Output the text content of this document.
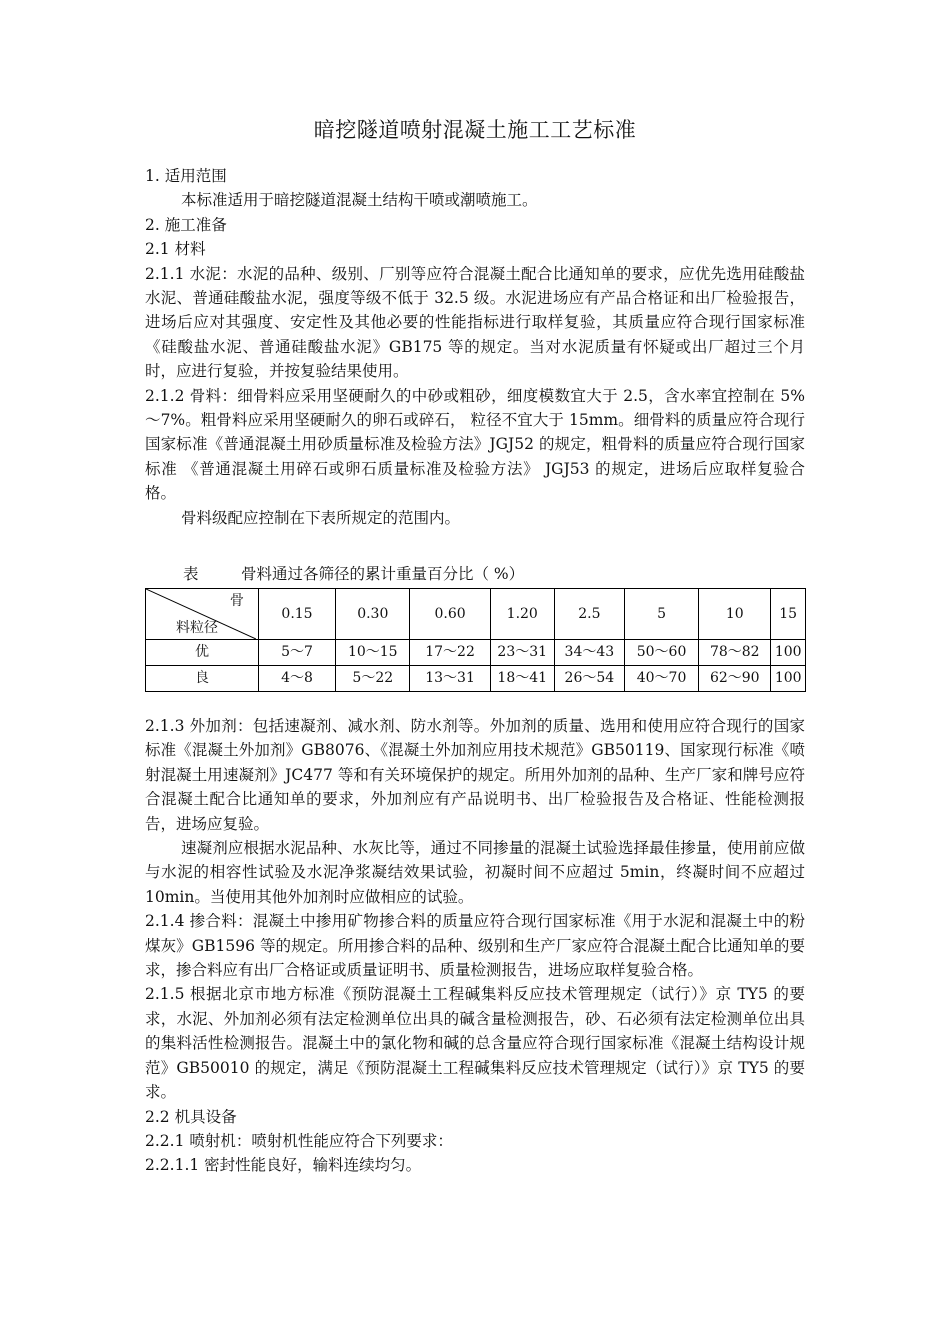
暗挖隧道喷射混凝土施工工艺标准

1. 适用范围

本标准适用于暗挖隧道混凝土结构干喷或潮喷施工。

2. 施工准备

2.1 材料

2.1.1 水泥：水泥的品种、级别、厂别等应符合混凝土配合比通知单的要求，应优先选用硅酸盐水泥、普通硅酸盐水泥，强度等级不低于 32.5 级。水泥进场应有产品合格证和出厂检验报告，进场后应对其强度、安定性及其他必要的性能指标进行取样复验，其质量应符合现行国家标准《硅酸盐水泥、普通硅酸盐水泥》GB175 等的规定。当对水泥质量有怀疑或出厂超过三个月时，应进行复验，并按复验结果使用。

2.1.2 骨料：细骨料应采用坚硬耐久的中砂或粗砂，细度模数宜大于 2.5，含水率宜控制在 5%～7%。粗骨料应采用坚硬耐久的卵石或碎石， 粒径不宜大于 15mm。细骨料的质量应符合现行国家标准《普通混凝土用砂质量标准及检验方法》JGJ52 的规定，粗骨料的质量应符合现行国家标准 《普通混凝土用碎石或卵石质量标准及检验方法》 JGJ53 的规定，进场后应取样复验合格。

骨料级配应控制在下表所规定的范围内。

表	骨料通过各筛径的累计重量百分比（ %）
骨
料粒径	0.15	0.30	0.60	1.20	2.5	5	10	15
优	5～7	10～15	17～22	23～31	34～43	50～60	78～82	100
良	4～8	5～22	13～31	18～41	26～54	40～70	62～90	100

2.1.3 外加剂：包括速凝剂、减水剂、防水剂等。外加剂的质量、选用和使用应符合现行的国家标准《混凝土外加剂》GB8076、《混凝土外加剂应用技术规范》GB50119、国家现行标准《喷射混凝土用速凝剂》JC477 等和有关环境保护的规定。所用外加剂的品种、生产厂家和牌号应符合混凝土配合比通知单的要求，外加剂应有产品说明书、出厂检验报告及合格证、性能检测报告，进场应复验。

速凝剂应根据水泥品种、水灰比等，通过不同掺量的混凝土试验选择最佳掺量，使用前应做与水泥的相容性试验及水泥净浆凝结效果试验，初凝时间不应超过 5min，终凝时间不应超过 10min。当使用其他外加剂时应做相应的试验。

2.1.4 掺合料：混凝土中掺用矿物掺合料的质量应符合现行国家标准《用于水泥和混凝土中的粉煤灰》GB1596 等的规定。所用掺合料的品种、级别和生产厂家应符合混凝土配合比通知单的要求，掺合料应有出厂合格证或质量证明书、质量检测报告，进场应取样复验合格。

2.1.5 根据北京市地方标准《预防混凝土工程碱集料反应技术管理规定（试行）》京 TY5 的要求，水泥、外加剂必须有法定检测单位出具的碱含量检测报告，砂、石必须有法定检测单位出具的集料活性检测报告。混凝土中的氯化物和碱的总含量应符合现行国家标准《混凝土结构设计规范》GB50010 的规定，满足《预防混凝土工程碱集料反应技术管理规定（试行）》京 TY5 的要求。

2.2 机具设备

2.2.1 喷射机：喷射机性能应符合下列要求：

2.2.1.1 密封性能良好，输料连续均匀。
